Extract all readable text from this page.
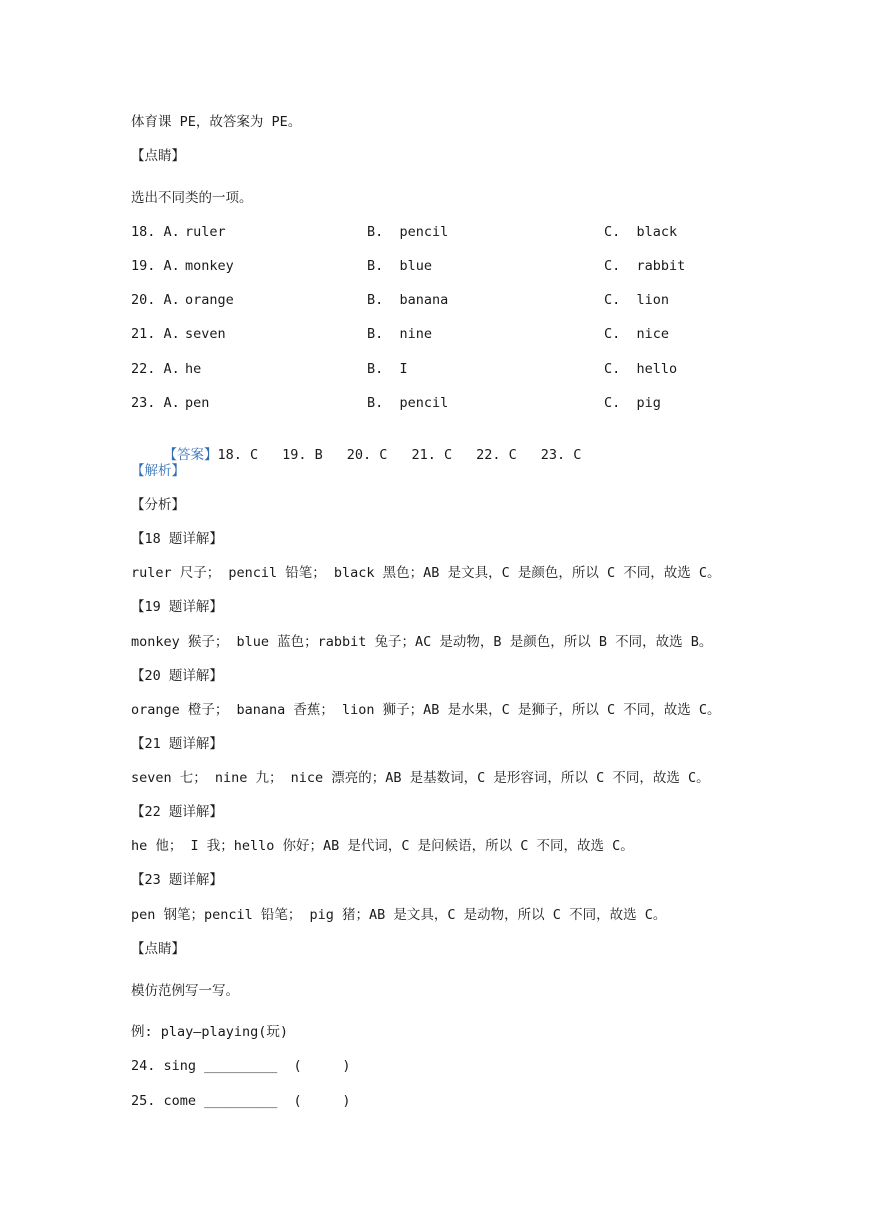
体育课 PE，故答案为 PE。
【点睛】
选出不同类的一项。
18. A. ruler	B.  pencil	C.  black
19. A. monkey	B.  blue	C.  rabbit
20. A. orange	B.  banana	C.  lion
21. A. seven	B.  nine	C.  nice
22. A. he	B.  I	C.  hello
23. A. pen	B.  pencil	C.  pig

【答案】18. C 19. B 20. C 21. C 22. C 23. C

【解析】
【分析】
【18 题详解】
ruler 尺子； pencil 铅笔； black 黑色；AB 是文具，C 是颜色，所以 C 不同，故选 C。
【19 题详解】
monkey 猴子； blue 蓝色；rabbit 兔子；AC 是动物，B 是颜色，所以 B 不同，故选 B。
【20 题详解】
orange 橙子； banana 香蕉； lion 狮子；AB 是水果，C 是狮子，所以 C 不同，故选 C。
【21 题详解】
seven 七； nine 九； nice 漂亮的；AB 是基数词，C 是形容词，所以 C 不同，故选 C。
【22 题详解】
he 他； I 我；hello 你好；AB 是代词，C 是问候语，所以 C 不同，故选 C。
【23 题详解】
pen 钢笔；pencil 铅笔； pig 猪；AB 是文具，C 是动物，所以 C 不同，故选 C。
【点睛】
模仿范例写一写。
例: play—playing(玩)
24. sing _________  (     )
25. come _________  (     )
